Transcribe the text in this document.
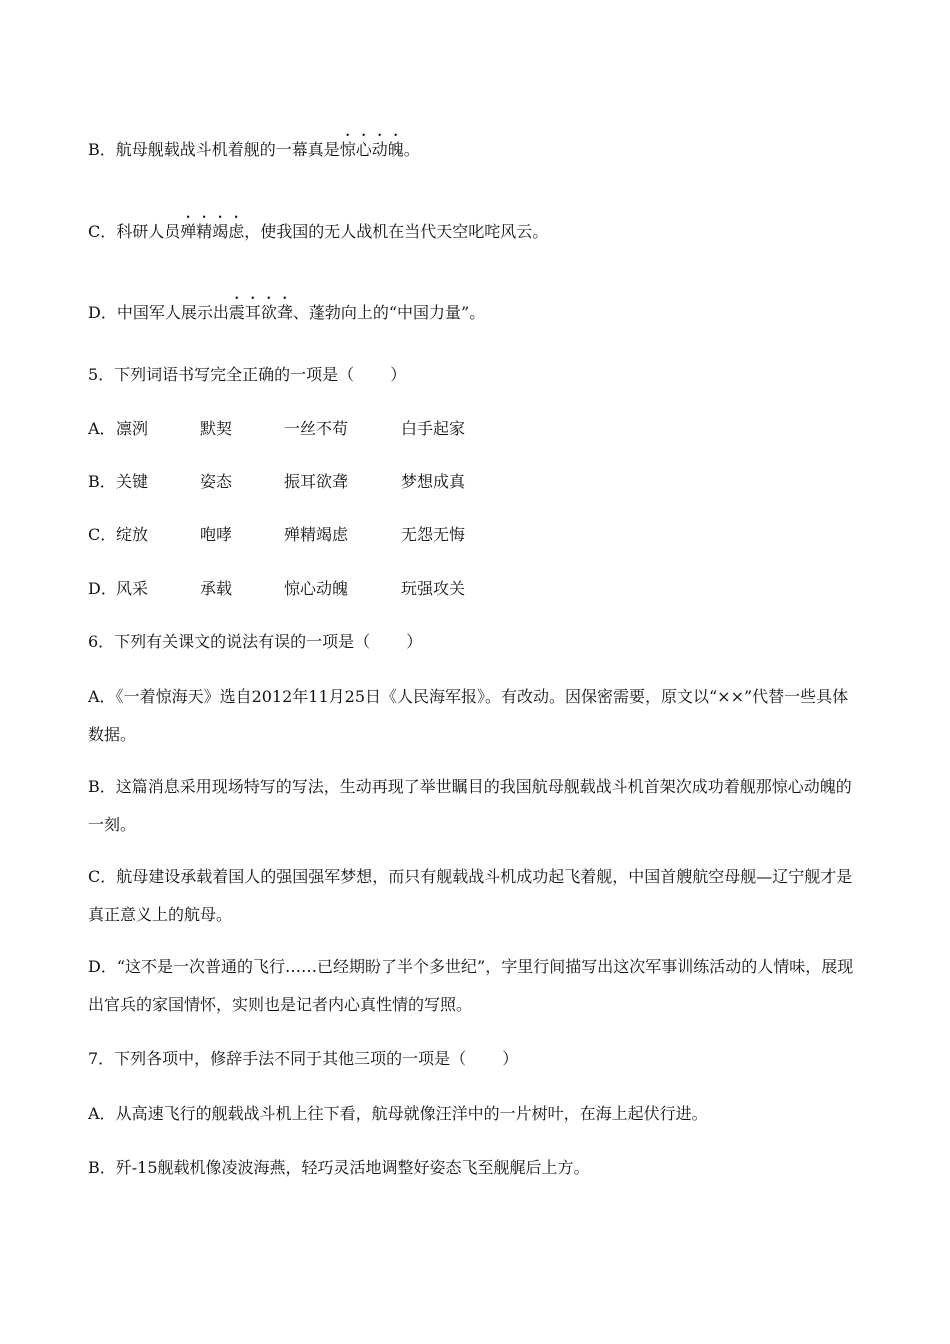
B．航母舰载战斗机着舰的一幕真是惊心动魄。
C．科研人员殚精竭虑，使我国的无人战机在当代天空叱咤风云。
D．中国军人展示出震耳欲聋、蓬勃向上的“中国力量”。
5．下列词语书写完全正确的一项是（ ）
A． 凛洌	默契	一丝不苟	白手起家
B． 关键	姿态	振耳欲聋	梦想成真
C． 绽放	咆哮	殚精竭虑	无怨无悔
D． 风采	承载	惊心动魄	玩强攻关
6．下列有关课文的说法有误的一项是（ ）
A．《一着惊海天》选自2012年11月25日《人民海军报》。有改动。因保密需要，原文以“××”代替一些具体数据。
B．这篇消息采用现场特写的写法，生动再现了举世瞩目的我国航母舰载战斗机首架次成功着舰那惊心动魄的一刻。
C．航母建设承载着国人的强国强军梦想，而只有舰载战斗机成功起飞着舰，中国首艘航空母舰—辽宁舰才是真正意义上的航母。
D．“这不是一次普通的飞行……已经期盼了半个多世纪”，字里行间描写出这次军事训练活动的人情味，展现出官兵的家国情怀，实则也是记者内心真性情的写照。
7．下列各项中，修辞手法不同于其他三项的一项是（ ）
A．从高速飞行的舰载战斗机上往下看，航母就像汪洋中的一片树叶，在海上起伏行进。
B．歼-15舰载机像凌波海燕，轻巧灵活地调整好姿态飞至舰艉后上方。
